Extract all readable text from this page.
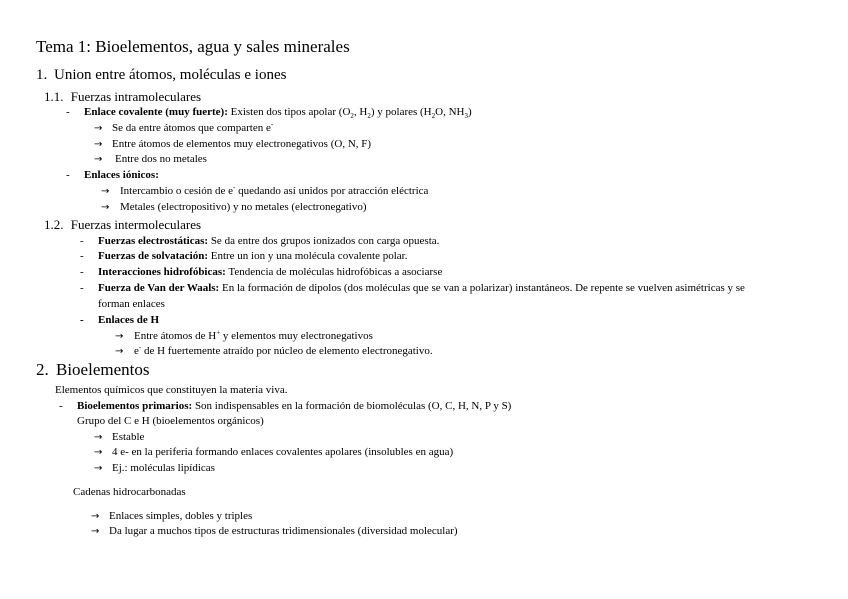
Tema 1: Bioelementos, agua y sales minerales
1. Union entre átomos, moléculas e iones
1.1. Fuerzas intramoleculares
- Enlace covalente (muy fuerte): Existen dos tipos apolar ($O_2$, $H_2$) y polares ($H_2O$, $NH_3$)
→ Se da entre átomos que comparten e-
→ Entre átomos de elementos muy electronegativos (O, N, F)
→ Entre dos no metales
- Enlaces iónicos:
→ Intercambio o cesión de e- quedando así unidos por atracción eléctrica
→ Metales (electropositivo) y no metales (electronegativo)
1.2. Fuerzas intermoleculares
- Fuerzas electrostáticas: Se da entre dos grupos ionizados con carga opuesta.
- Fuerzas de solvatación: Entre un ion y una molécula covalente polar.
- Interacciones hidrofóbicas: Tendencia de moléculas hidrofóbicas a asociarse
- Fuerza de Van der Waals: En la formación de dipolos (dos moléculas que se van a polarizar) instantáneos. De repente se vuelven asimétricas y se
forman enlaces
- Enlaces de H
→ Entre átomos de H+ y elementos muy electronegativos
→ e- de H fuertemente atraído por núcleo de elemento electronegativo.
2. Bioelementos
Elementos químicos que constituyen la materia viva.
- Bioelementos primarios: Son indispensables en la formación de biomoléculas (O, C, H, N, P y S)
Grupo del C e H (bioelementos orgánicos)
→ Estable
→ 4 e- en la periferia formando enlaces covalentes apolares (insolubles en agua)
→ Ej.: moléculas lipídicas
Cadenas hidrocarbonadas
→ Enlaces simples, dobles y triples
→ Da lugar a muchos tipos de estructuras tridimensionales (diversidad molecular)
